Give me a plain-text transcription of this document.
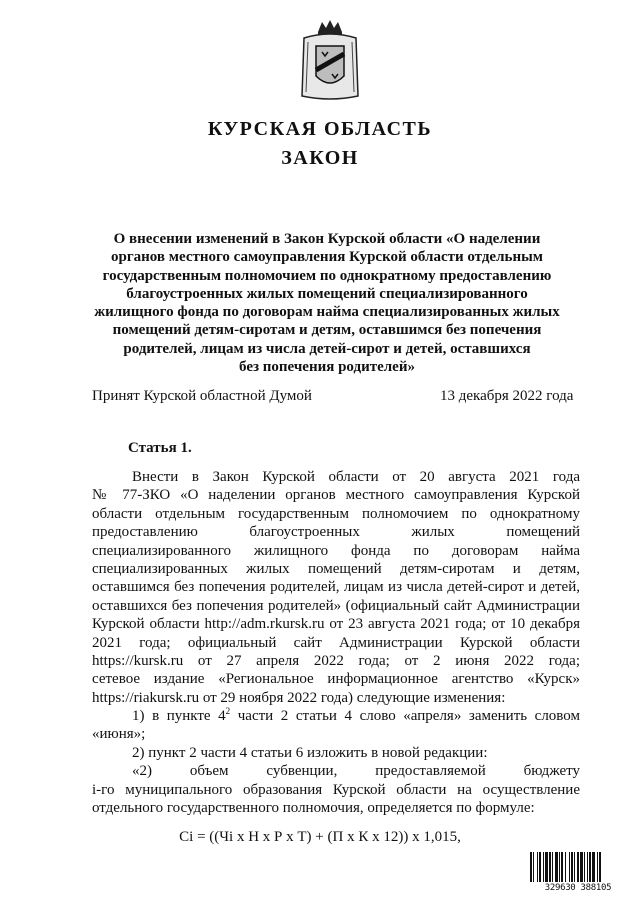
КУРСКАЯ ОБЛАСТЬ
ЗАКОН
О внесении изменений в Закон Курской области «О наделении
органов местного самоуправления Курской области отдельным
государственным полномочием по однократному предоставлению
благоустроенных жилых помещений специализированного
жилищного фонда по договорам найма специализированных жилых
помещений детям-сиротам и детям, оставшимся без попечения
родителей, лицам из числа детей-сирот и детей, оставшихся
без попечения родителей»
Принят Курской областной Думой	13 декабря 2022 года
Статья 1.
Внести в Закон Курской области от 20 августа 2021 года
№ 77-ЗКО «О наделении органов местного самоуправления Курской
области отдельным государственным полномочием по однократному
предоставлению благоустроенных жилых помещений
специализированного жилищного фонда по договорам найма
специализированных жилых помещений детям-сиротам и детям,
оставшимся без попечения родителей, лицам из числа детей-сирот и детей,
оставшихся без попечения родителей» (официальный сайт Администрации
Курской области http://adm.rkursk.ru от 23 августа 2021 года; от 10 декабря
2021 года; официальный сайт Администрации Курской области
https://kursk.ru от 27 апреля 2022 года; от 2 июня 2022 года;
сетевое издание «Региональное информационное агентство «Курск»
https://riakursk.ru от 29 ноября 2022 года) следующие изменения:
1) в пункте $4^2$ части 2 статьи 4 слово «апреля» заменить словом
«июня»;
2) пункт 2 части 4 статьи 6 изложить в новой редакции:
«2) объем субвенции, предоставляемой бюджету
i-го муниципального образования Курской области на осуществление
отдельного государственного полномочия, определяется по формуле:
Ci = ((Чi x Н x Р x Т) + (П x К x 12)) x 1,015,
329630 388105
